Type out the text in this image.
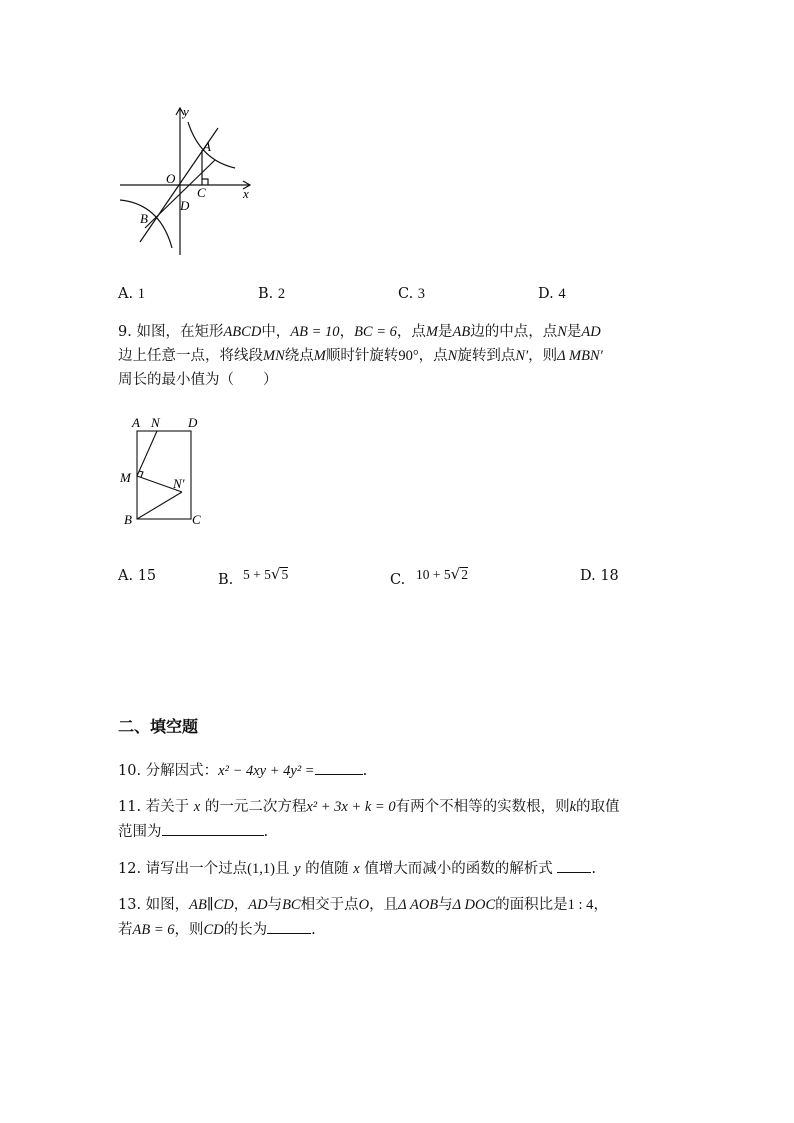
y
x
O
A
B
C
D
A. 1	B. 2	C. 3	D. 4
9. 如图，在矩形ABCD中，AB = 10，BC = 6，点M是AB边的中点，点N是AD
边上任意一点，将线段MN绕点M顺时针旋转90°，点N旋转到点N′，则Δ MBN′
周长的最小值为（　　）
A N D
M	N′
B	C
A. 15	B. 5 + 5√5	C. 10 + 5√2	D. 18
二、填空题
10. 分解因式：x² − 4xy + 4y² =	.
11. 若关于 x 的一元二次方程x² + 3x + k = 0有两个不相等的实数根，则k的取值
范围为	.
12. 请写出一个过点(1,1)且 y 的值随 x 值增大而减小的函数的解析式	.
13. 如图，AB∥CD，AD与BC相交于点O，且Δ AOB与Δ DOC的面积比是1 : 4，
若AB = 6，则CD的长为	.
